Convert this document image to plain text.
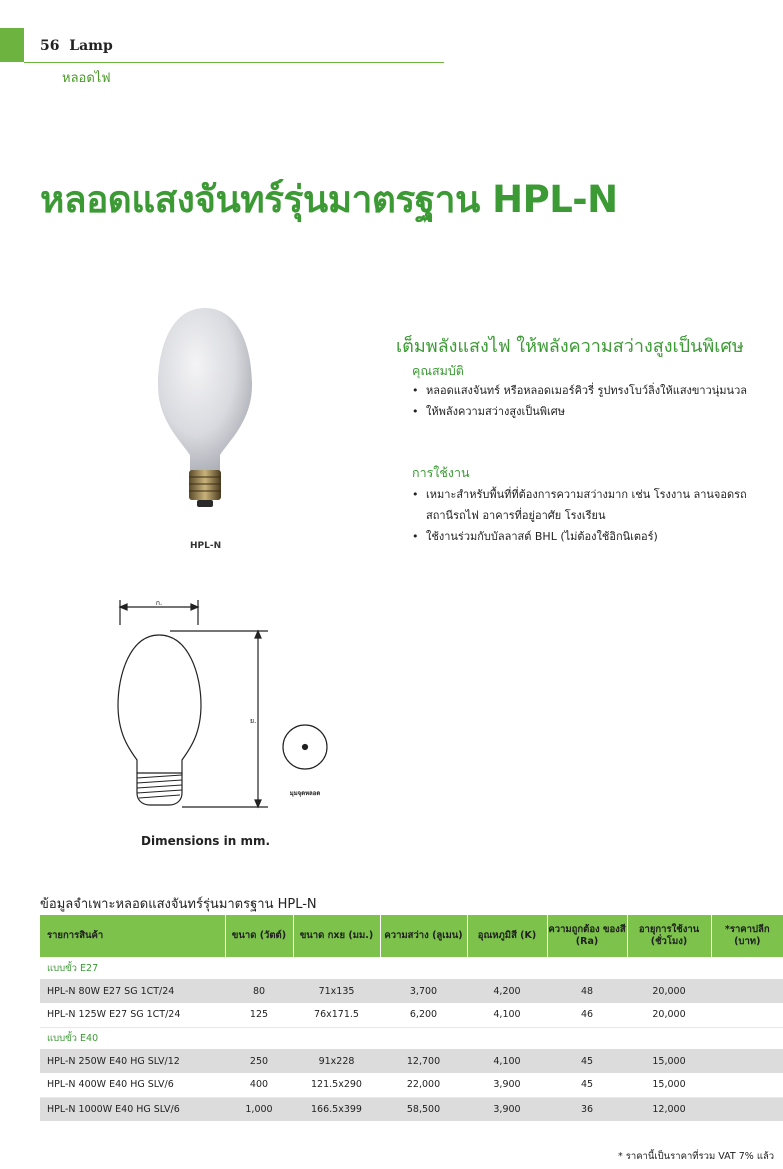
56 Lamp
หลอดไฟ
หลอดแสงจันทร์รุ่นมาตรฐาน HPL-N
HPL-N
เต็มพลังแสงไฟ ให้พลังความสว่างสูงเป็นพิเศษ
คุณสมบัติ
• หลอดแสงจันทร์ หรือหลอดเมอร์คิวรี่ รูปทรงโบว์ลิ่งให้แสงขาวนุ่มนวล
• ให้พลังความสว่างสูงเป็นพิเศษ
การใช้งาน
• เหมาะสำหรับพื้นที่ที่ต้องการความสว่างมาก เช่น โรงงาน ลานจอดรถ สถานีรถไฟ อาคารที่อยู่อาศัย โรงเรียน
• ใช้งานร่วมกับบัลลาสต์ BHL (ไม่ต้องใช้อิกนิเตอร์)
ก.
ย.
มุมจุดหลอด
Dimensions in mm.
ข้อมูลจำเพาะหลอดแสงจันทร์รุ่นมาตรฐาน HPL-N
รายการสินค้า	ขนาด (วัตต์)	ขนาด กxย (มม.)	ความสว่าง (ลูเมน)	อุณหภูมิสี (K)	ความถูกต้อง ของสี (Ra)	อายุการใช้งาน (ชั่วโมง)	*ราคาปลีก (บาท)
แบบขั้ว E27							
HPL-N 80W E27 SG 1CT/24	80	71x135	3,700	4,200	48	20,000	
HPL-N 125W E27 SG 1CT/24	125	76x171.5	6,200	4,100	46	20,000	
แบบขั้ว E40							
HPL-N 250W E40 HG SLV/12	250	91x228	12,700	4,100	45	15,000	
HPL-N 400W E40 HG SLV/6	400	121.5x290	22,000	3,900	45	15,000	
HPL-N 1000W E40 HG SLV/6	1,000	166.5x399	58,500	3,900	36	12,000	
* ราคานี้เป็นราคาที่รวม VAT 7% แล้ว
